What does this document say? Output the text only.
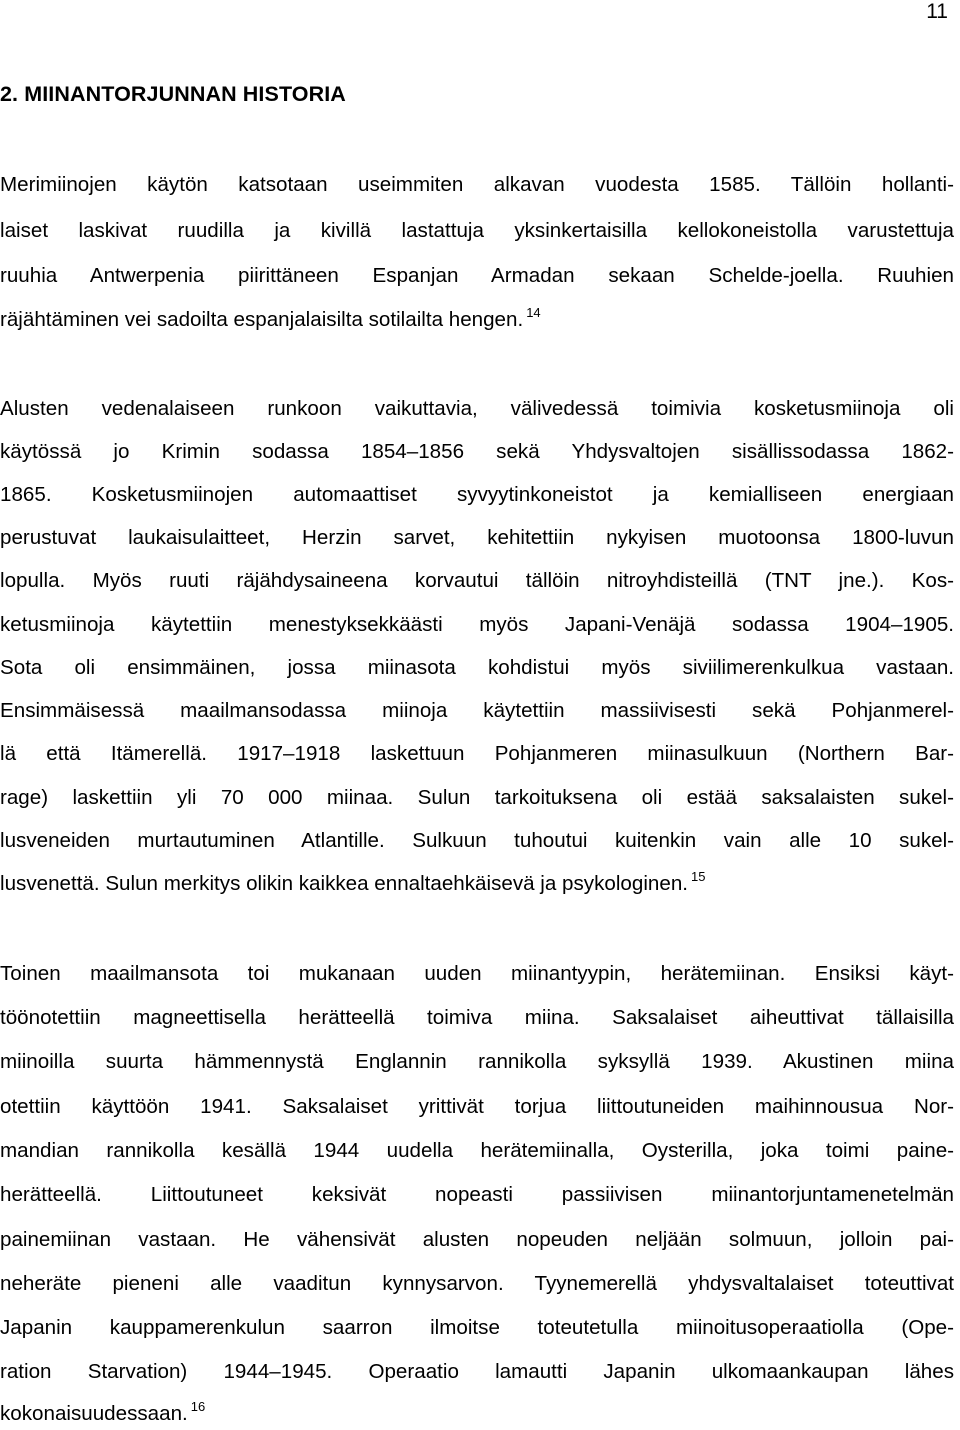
11
2. MIINANTORJUNNAN HISTORIA

Merimiinojen käytön katsotaan useimmiten alkavan vuodesta 1585. Tällöin hollanti-

laiset laskivat ruudilla ja kivillä lastattuja yksinkertaisilla kellokoneistolla varustettuja

ruuhia Antwerpenia piirittäneen Espanjan Armadan sekaan Schelde-joella. Ruuhien

räjähtäminen vei sadoilta espanjalaisilta sotilailta hengen. $^{14}$

Alusten vedenalaiseen runkoon vaikuttavia, välivedessä toimivia kosketusmiinoja oli

käytössä jo Krimin sodassa 1854–1856 sekä Yhdysvaltojen sisällissodassa 1862-

1865. Kosketusmiinojen automaattiset syvyytinkoneistot ja kemialliseen energiaan

perustuvat laukaisulaitteet, Herzin sarvet, kehitettiin nykyisen muotoonsa 1800-luvun

lopulla. Myös ruuti räjähdysaineena korvautui tällöin nitroyhdisteillä (TNT jne.). Kos-

ketusmiinoja käytettiin menestyksekkäästi myös Japani-Venäjä sodassa 1904–1905.

Sota oli ensimmäinen, jossa miinasota kohdistui myös siviilimerenkulkua vastaan.

Ensimmäisessä maailmansodassa miinoja käytettiin massiivisesti sekä Pohjanmerel-

lä että Itämerellä. 1917–1918 laskettuun Pohjanmeren miinasulkuun (Northern Bar-

rage) laskettiin yli 70 000 miinaa. Sulun tarkoituksena oli estää saksalaisten sukel-

lusveneiden murtautuminen Atlantille. Sulkuun tuhoutui kuitenkin vain alle 10 sukel-

lusvenettä. Sulun merkitys olikin kaikkea ennaltaehkäisevä ja psykologinen. $^{15}$

Toinen maailmansota toi mukanaan uuden miinantyypin, herätemiinan. Ensiksi käyt-

töönotettiin magneettisella herätteellä toimiva miina. Saksalaiset aiheuttivat tällaisilla

miinoilla suurta hämmennystä Englannin rannikolla syksyllä 1939. Akustinen miina

otettiin käyttöön 1941. Saksalaiset yrittivät torjua liittoutuneiden maihinnousua Nor-

mandian rannikolla kesällä 1944 uudella herätemiinalla, Oysterilla, joka toimi paine-

herätteellä. Liittoutuneet keksivät nopeasti passiivisen miinantorjuntamenetelmän

painemiinan vastaan. He vähensivät alusten nopeuden neljään solmuun, jolloin pai-

neheräte pieneni alle vaaditun kynnysarvon. Tyynemerellä yhdysvaltalaiset toteuttivat

Japanin kauppamerenkulun saarron ilmoitse toteutetulla miinoitusoperaatiolla (Ope-

ration Starvation) 1944–1945. Operaatio lamautti Japanin ulkomaankaupan lähes

kokonaisuudessaan. $^{16}$
